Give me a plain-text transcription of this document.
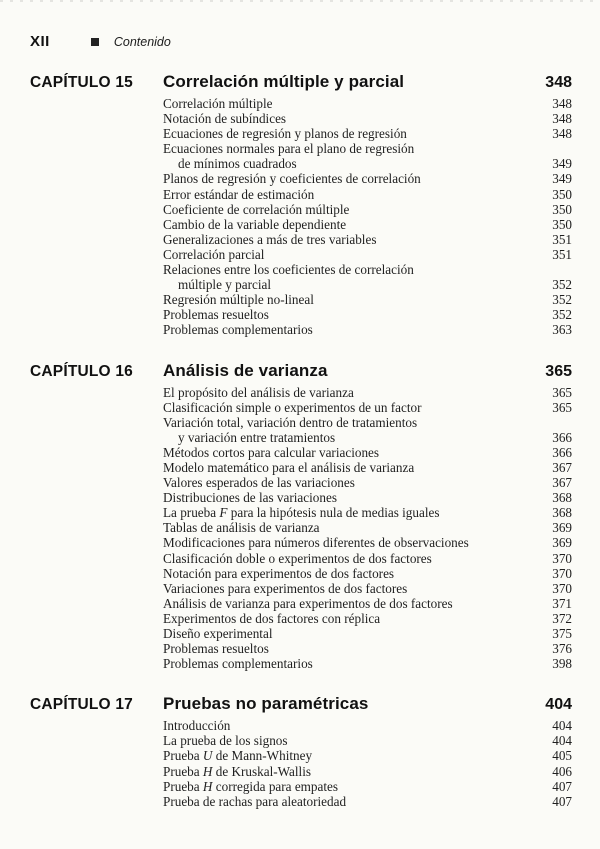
XII	Contenido
CAPÍTULO 15	Correlación múltiple y parcial	348
Correlación múltiple	348
Notación de subíndices	348
Ecuaciones de regresión y planos de regresión	348
Ecuaciones normales para el plano de regresión
de mínimos cuadrados	349
Planos de regresión y coeficientes de correlación	349
Error estándar de estimación	350
Coeficiente de correlación múltiple	350
Cambio de la variable dependiente	350
Generalizaciones a más de tres variables	351
Correlación parcial	351
Relaciones entre los coeficientes de correlación
múltiple y parcial	352
Regresión múltiple no-lineal	352
Problemas resueltos	352
Problemas complementarios	363
CAPÍTULO 16	Análisis de varianza	365
El propósito del análisis de varianza	365
Clasificación simple o experimentos de un factor	365
Variación total, variación dentro de tratamientos
y variación entre tratamientos	366
Métodos cortos para calcular variaciones	366
Modelo matemático para el análisis de varianza	367
Valores esperados de las variaciones	367
Distribuciones de las variaciones	368
La prueba F para la hipótesis nula de medias iguales	368
Tablas de análisis de varianza	369
Modificaciones para números diferentes de observaciones	369
Clasificación doble o experimentos de dos factores	370
Notación para experimentos de dos factores	370
Variaciones para experimentos de dos factores	370
Análisis de varianza para experimentos de dos factores	371
Experimentos de dos factores con réplica	372
Diseño experimental	375
Problemas resueltos	376
Problemas complementarios	398
CAPÍTULO 17	Pruebas no paramétricas	404
Introducción	404
La prueba de los signos	404
Prueba U de Mann-Whitney	405
Prueba H de Kruskal-Wallis	406
Prueba H corregida para empates	407
Prueba de rachas para aleatoriedad	407
